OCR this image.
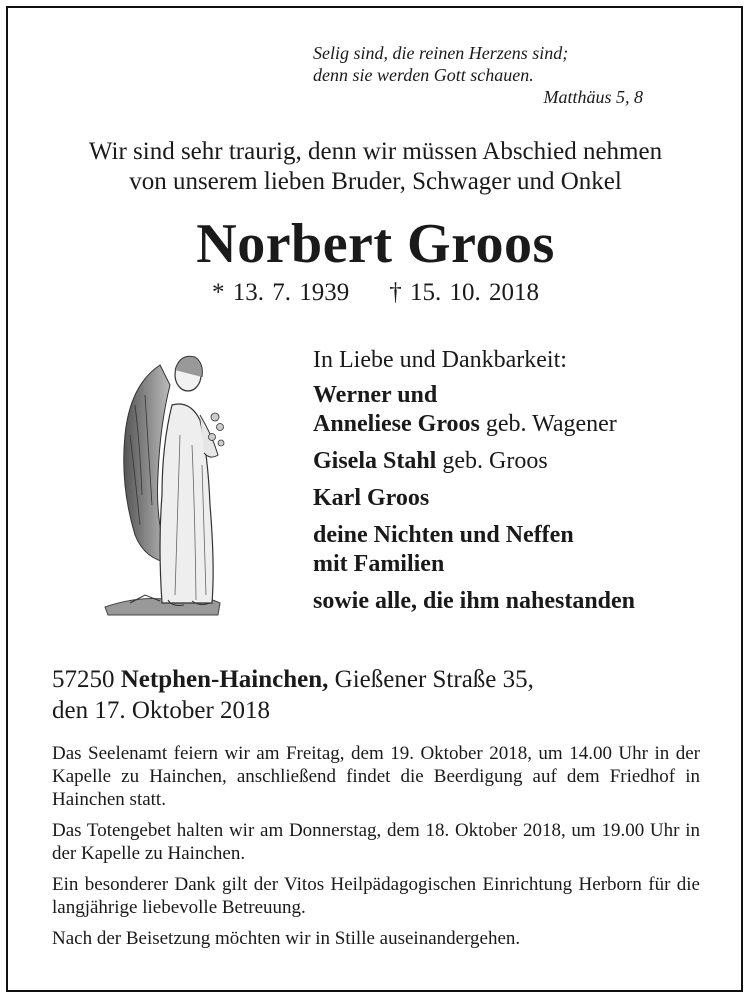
Selig sind, die reinen Herzens sind;
denn sie werden Gott schauen.
Matthäus 5, 8
Wir sind sehr traurig, denn wir müssen Abschied nehmen
von unserem lieben Bruder, Schwager und Onkel
Norbert Groos
* 13. 7. 1939 † 15. 10. 2018
In Liebe und Dankbarkeit:
Werner und
Anneliese Groos geb. Wagener
Gisela Stahl geb. Groos
Karl Groos
deine Nichten und Neffen
mit Familien
sowie alle, die ihm nahestanden
57250 Netphen-Hainchen, Gießener Straße 35,
den 17. Oktober 2018

Das Seelenamt feiern wir am Freitag, dem 19. Oktober 2018, um 14.00 Uhr in der Kapelle zu Hainchen, anschließend findet die Beerdigung auf dem Friedhof in Hainchen statt.

Das Totengebet halten wir am Donnerstag, dem 18. Oktober 2018, um 19.00 Uhr in der Kapelle zu Hainchen.

Ein besonderer Dank gilt der Vitos Heilpädagogischen Einrichtung Herborn für die langjährige liebevolle Betreuung.

Nach der Beisetzung möchten wir in Stille auseinandergehen.
